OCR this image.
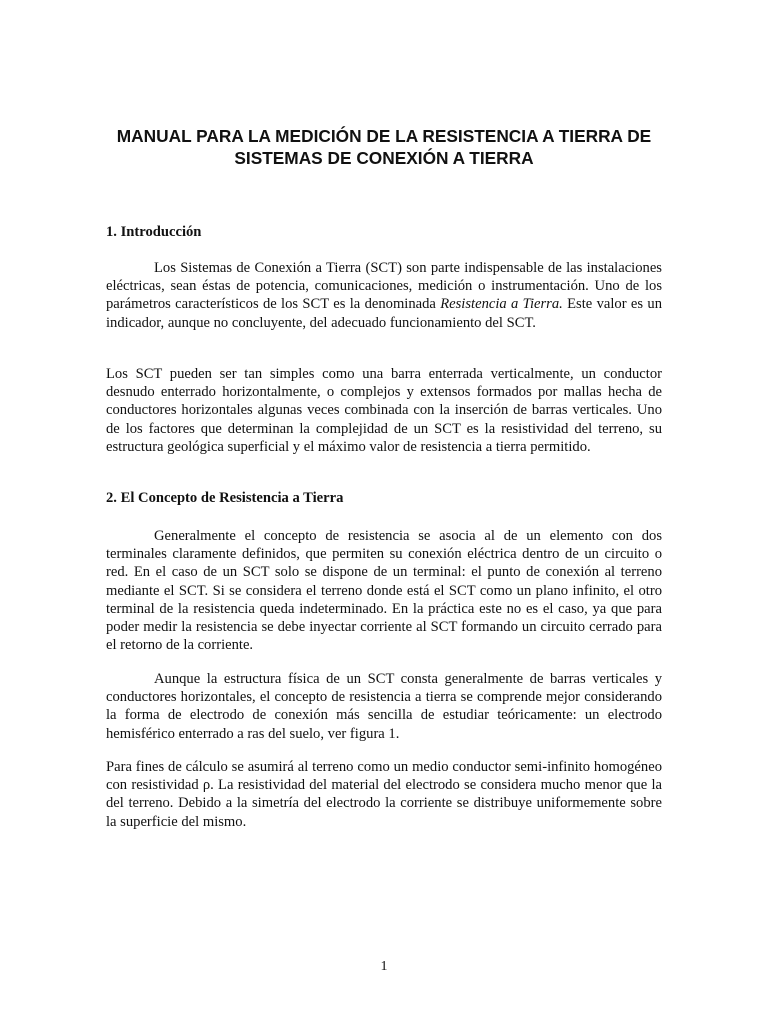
MANUAL PARA LA MEDICIÓN DE LA RESISTENCIA A TIERRA DE
SISTEMAS DE CONEXIÓN A TIERRA
1. Introducción

Los Sistemas de Conexión a Tierra (SCT) son parte indispensable de las instalaciones eléctricas, sean éstas de potencia, comunicaciones, medición o instrumentación. Uno de los parámetros característicos de los SCT es la denominada Resistencia a Tierra. Este valor es un indicador, aunque no concluyente, del adecuado funcionamiento del SCT.

Los SCT pueden ser tan simples como una barra enterrada verticalmente, un conductor desnudo enterrado horizontalmente, o complejos y extensos formados por mallas hecha de conductores horizontales algunas veces combinada con la inserción de barras verticales. Uno de los factores que determinan la complejidad de un SCT es la resistividad del terreno, su estructura geológica superficial y el máximo valor de resistencia a tierra permitido.

2. El Concepto de Resistencia a Tierra

Generalmente el concepto de resistencia se asocia al de un elemento con dos terminales claramente definidos, que permiten su conexión eléctrica dentro de un circuito o red. En el caso de un SCT solo se dispone de un terminal: el punto de conexión al terreno mediante el SCT. Si se considera el terreno donde está el SCT como un plano infinito, el otro terminal de la resistencia queda indeterminado. En la práctica este no es el caso, ya que para poder medir la resistencia se debe inyectar corriente al SCT formando un circuito cerrado para el retorno de la corriente.

Aunque la estructura física de un SCT consta generalmente de barras verticales y conductores horizontales, el concepto de resistencia a tierra se comprende mejor considerando la forma de electrodo de conexión más sencilla de estudiar teóricamente: un electrodo hemisférico enterrado a ras del suelo, ver figura 1.

Para fines de cálculo se asumirá al terreno como un medio conductor semi-infinito homogéneo con resistividad ρ. La resistividad del material del electrodo se considera mucho menor que la del terreno. Debido a la simetría del electrodo la corriente se distribuye uniformemente sobre la superficie del mismo.

1
